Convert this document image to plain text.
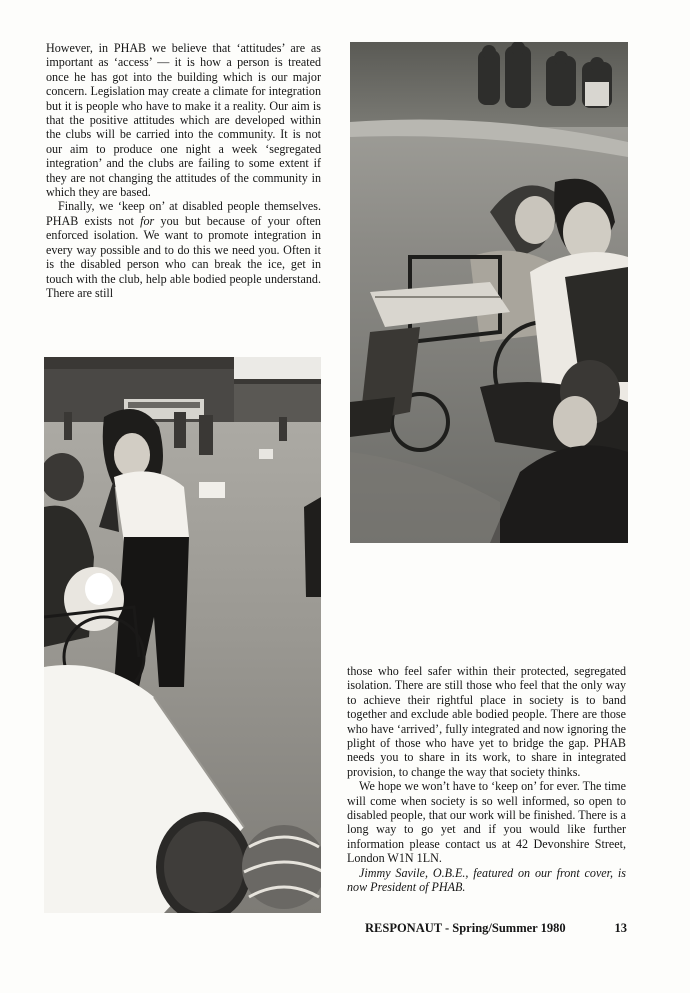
However, in PHAB we believe that ‘attitudes’ are as important as ‘access’ — it is how a person is treated once he has got into the building which is our major concern. Legislation may create a climate for integration but it is people who have to make it a reality. Our aim is that the positive attitudes which are developed within the clubs will be carried into the community. It is not our aim to produce one night a week ‘segregated integration’ and the clubs are failing to some extent if they are not changing the attitudes of the community in which they are based.

Finally, we ‘keep on’ at disabled people themselves. PHAB exists not for you but because of your often enforced isolation. We want to promote integration in every way possible and to do this we need you. Often it is the disabled person who can break the ice, get in touch with the club, help able bodied people understand. There are still

those who feel safer within their protected, segregated isolation. There are still those who feel that the only way to achieve their rightful place in society is to band together and exclude able bodied people. There are those who have ‘arrived’, fully integrated and now ignoring the plight of those who have yet to bridge the gap. PHAB needs you to share in its work, to share in integrated provision, to change the way that society thinks.

We hope we won’t have to ‘keep on’ for ever. The time will come when society is so well informed, so open to disabled people, that our work will be finished. There is a long way to go yet and if you would like further information please contact us at 42 Devonshire Street, London W1N 1LN.

Jimmy Savile, O.B.E., featured on our front cover, is now President of PHAB.

RESPONAUT - Spring/Summer 1980	13
